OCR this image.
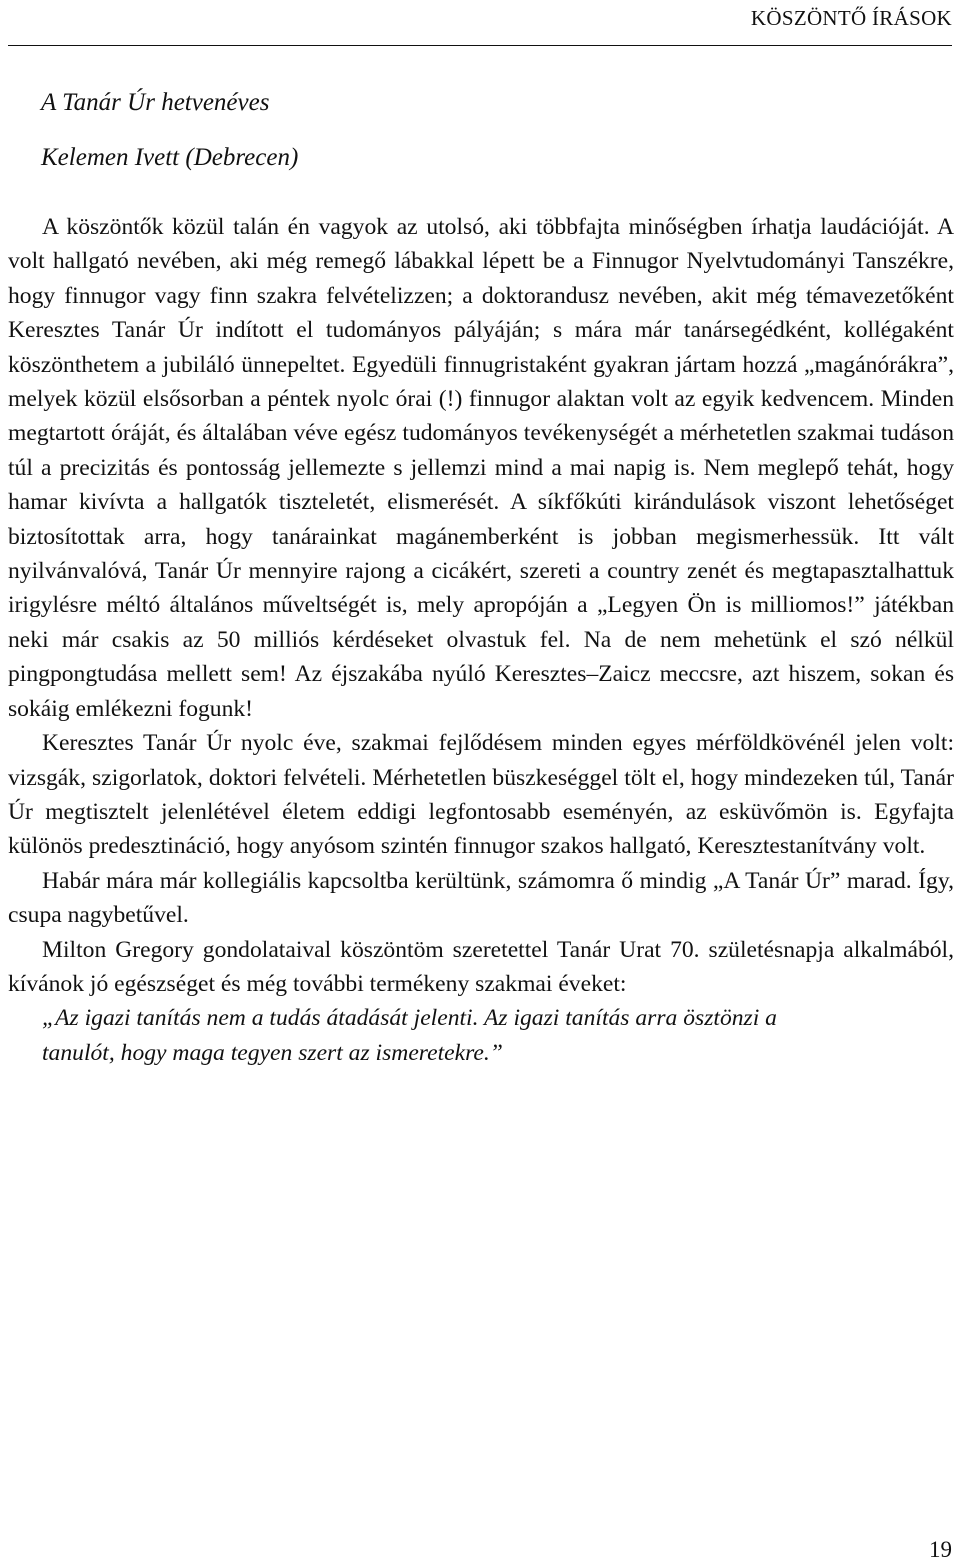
KÖSZÖNTŐ ÍRÁSOK
A Tanár Úr hetvenéves
Kelemen Ivett (Debrecen)

A köszöntők közül talán én vagyok az utolsó, aki többfajta minőségben írhatja laudációját. A volt hallgató nevében, aki még remegő lábakkal lépett be a Finnugor Nyelvtudományi Tanszékre, hogy finnugor vagy finn szakra felvételizzen; a doktorandusz nevében, akit még témavezetőként Keresztes Tanár Úr indított el tudományos pályáján; s mára már tanársegédként, kollégaként köszönthetem a jubiláló ünnepeltet. Egyedüli finnugristaként gyakran jártam hozzá „magánórákra”, melyek közül elsősorban a péntek nyolc órai (!) finnugor alaktan volt az egyik kedvencem. Minden megtartott óráját, és általában véve egész tudományos tevékenységét a mérhetetlen szakmai tudáson túl a precizitás és pontosság jellemezte s jellemzi mind a mai napig is. Nem meglepő tehát, hogy hamar kivívta a hallgatók tiszteletét, elismerését. A síkfőkúti kirándulások viszont lehetőséget biztosítottak arra, hogy tanárainkat magánemberként is jobban megismerhessük. Itt vált nyilvánvalóvá, Tanár Úr mennyire rajong a cicákért, szereti a country zenét és megtapasztalhattuk irigylésre méltó általános műveltségét is, mely apropóján a „Legyen Ön is milliomos!” játékban neki már csakis az 50 milliós kérdéseket olvastuk fel. Na de nem mehetünk el szó nélkül pingpongtudása mellett sem! Az éjszakába nyúló Keresztes–Zaicz meccsre, azt hiszem, sokan és sokáig emlékezni fogunk!

Keresztes Tanár Úr nyolc éve, szakmai fejlődésem minden egyes mérföldkövénél jelen volt: vizsgák, szigorlatok, doktori felvételi. Mérhetetlen büszkeséggel tölt el, hogy mindezeken túl, Tanár Úr megtisztelt jelenlétével életem eddigi legfontosabb eseményén, az esküvőmön is. Egyfajta különös predesztináció, hogy anyósom szintén finnugor szakos hallgató, Keresztestanítvány volt.

Habár mára már kollegiális kapcsoltba kerültünk, számomra ő mindig „A Tanár Úr” marad. Így, csupa nagybetűvel.

Milton Gregory gondolataival köszöntöm szeretettel Tanár Urat 70. születésnapja alkalmából, kívánok jó egészséget és még további termékeny szakmai éveket:

„Az igazi tanítás nem a tudás átadását jelenti. Az igazi tanítás arra ösztönzi a tanulót, hogy maga tegyen szert az ismeretekre.”

19
